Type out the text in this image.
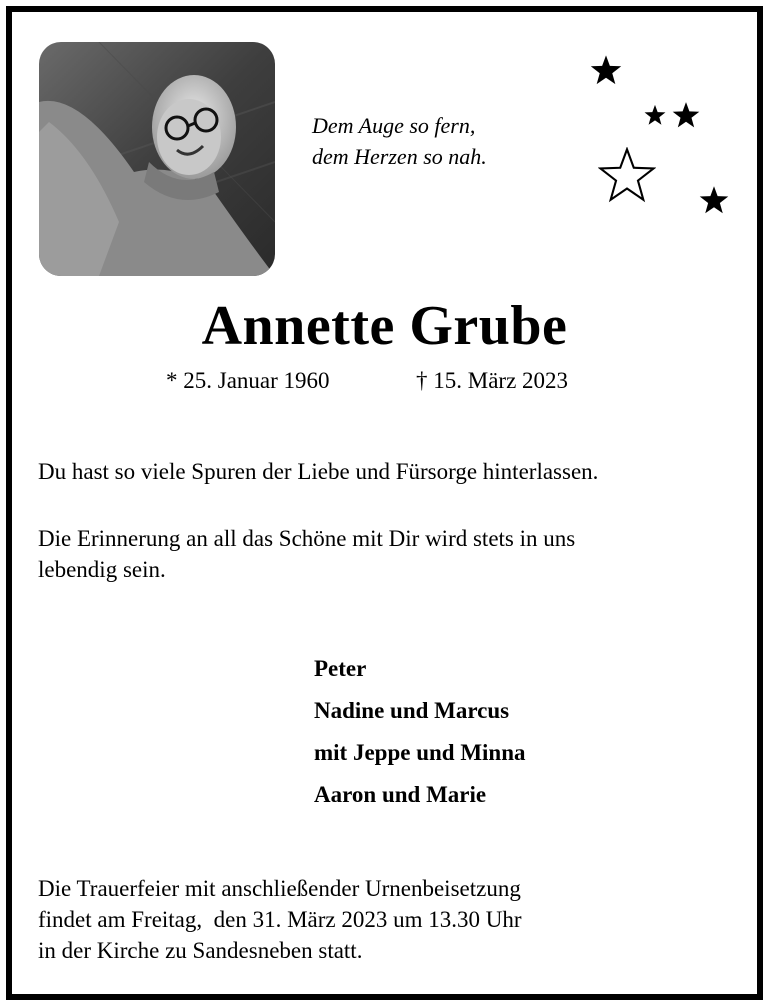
Dem Auge so fern,
dem Herzen so nah.
Annette Grube
* 25. Januar 1960	† 15. März 2023
Du hast so viele Spuren der Liebe und Fürsorge hinterlassen.
Die Erinnerung an all das Schöne mit Dir wird stets in uns
lebendig sein.
Peter
Nadine und Marcus
mit Jeppe und Minna
Aaron und Marie
Die Trauerfeier mit anschließender Urnenbeisetzung
findet am Freitag,  den 31. März 2023 um 13.30 Uhr
in der Kirche zu Sandesneben statt.
